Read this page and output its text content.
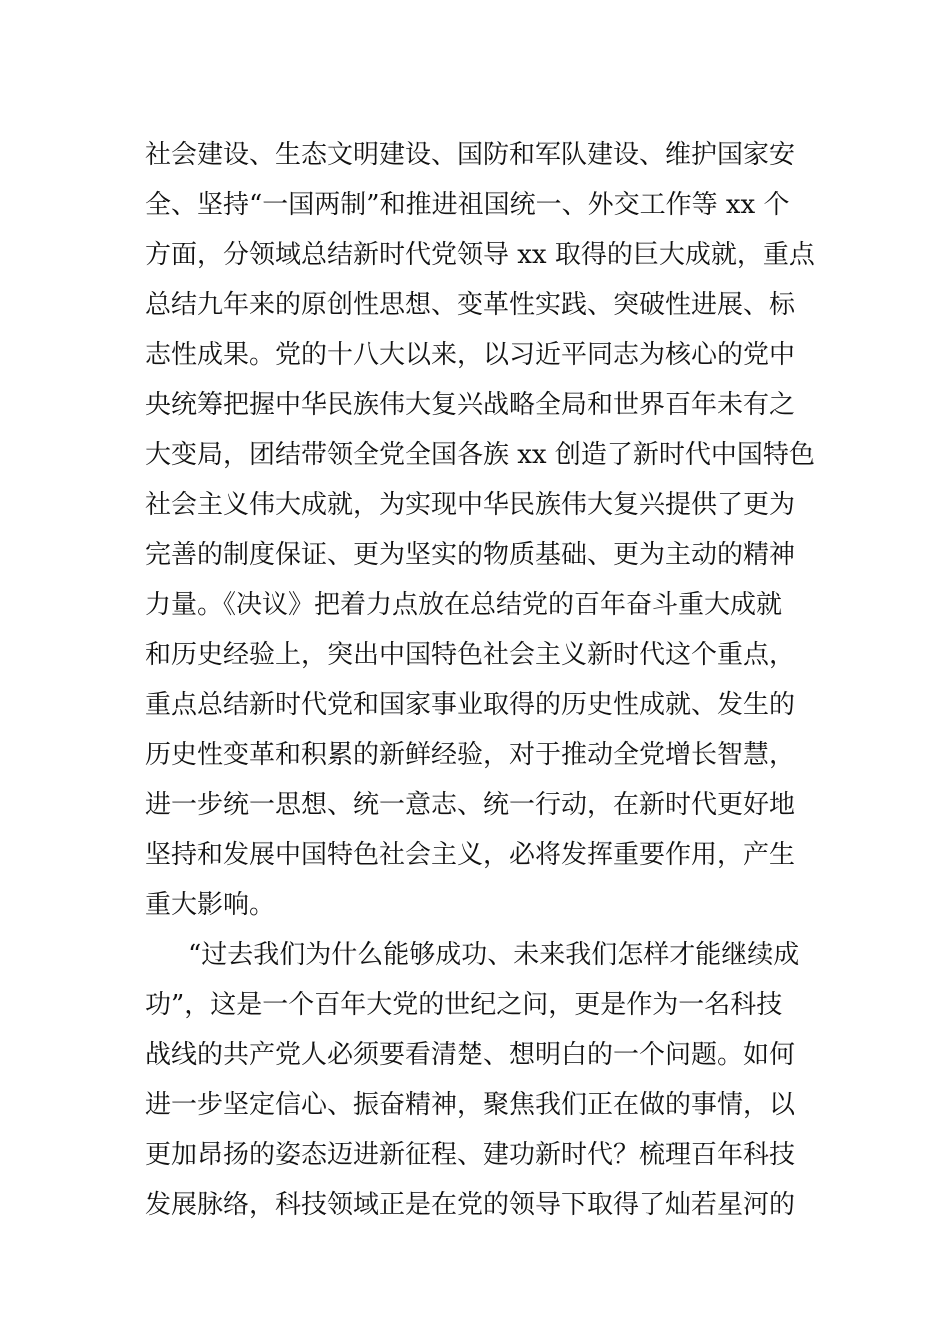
社会建设、生态文明建设、国防和军队建设、维护国家安
全、坚持“一国两制”和推进祖国统一、外交工作等 xx 个
方面，分领域总结新时代党领导 xx 取得的巨大成就，重点
总结九年来的原创性思想、变革性实践、突破性进展、标
志性成果。党的十八大以来，以习近平同志为核心的党中
央统筹把握中华民族伟大复兴战略全局和世界百年未有之
大变局，团结带领全党全国各族 xx 创造了新时代中国特色
社会主义伟大成就，为实现中华民族伟大复兴提供了更为
完善的制度保证、更为坚实的物质基础、更为主动的精神
力量。《决议》把着力点放在总结党的百年奋斗重大成就
和历史经验上，突出中国特色社会主义新时代这个重点，
重点总结新时代党和国家事业取得的历史性成就、发生的
历史性变革和积累的新鲜经验，对于推动全党增长智慧，
进一步统一思想、统一意志、统一行动，在新时代更好地
坚持和发展中国特色社会主义，必将发挥重要作用，产生
重大影响。
“过去我们为什么能够成功、未来我们怎样才能继续成
功”，这是一个百年大党的世纪之问，更是作为一名科技
战线的共产党人必须要看清楚、想明白的一个问题。如何
进一步坚定信心、振奋精神，聚焦我们正在做的事情，以
更加昂扬的姿态迈进新征程、建功新时代？梳理百年科技
发展脉络，科技领域正是在党的领导下取得了灿若星河的
